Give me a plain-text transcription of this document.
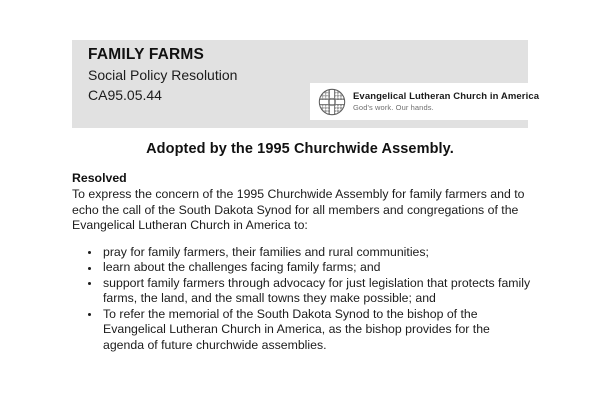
FAMILY FARMS
Social Policy Resolution
CA95.05.44	Evangelical Lutheran Church in America
God's work. Our hands.
Adopted by the 1995 Churchwide Assembly.

Resolved

To express the concern of the 1995 Churchwide Assembly for family farmers and to echo the call of the South Dakota Synod for all members and congregations of the Evangelical Lutheran Church in America to:

pray for family farmers, their families and rural communities;
learn about the challenges facing family farms; and
support family farmers through advocacy for just legislation that protects family farms, the land, and the small towns they make possible; and
To refer the memorial of the South Dakota Synod to the bishop of the Evangelical Lutheran Church in America, as the bishop provides for the agenda of future churchwide assemblies.
